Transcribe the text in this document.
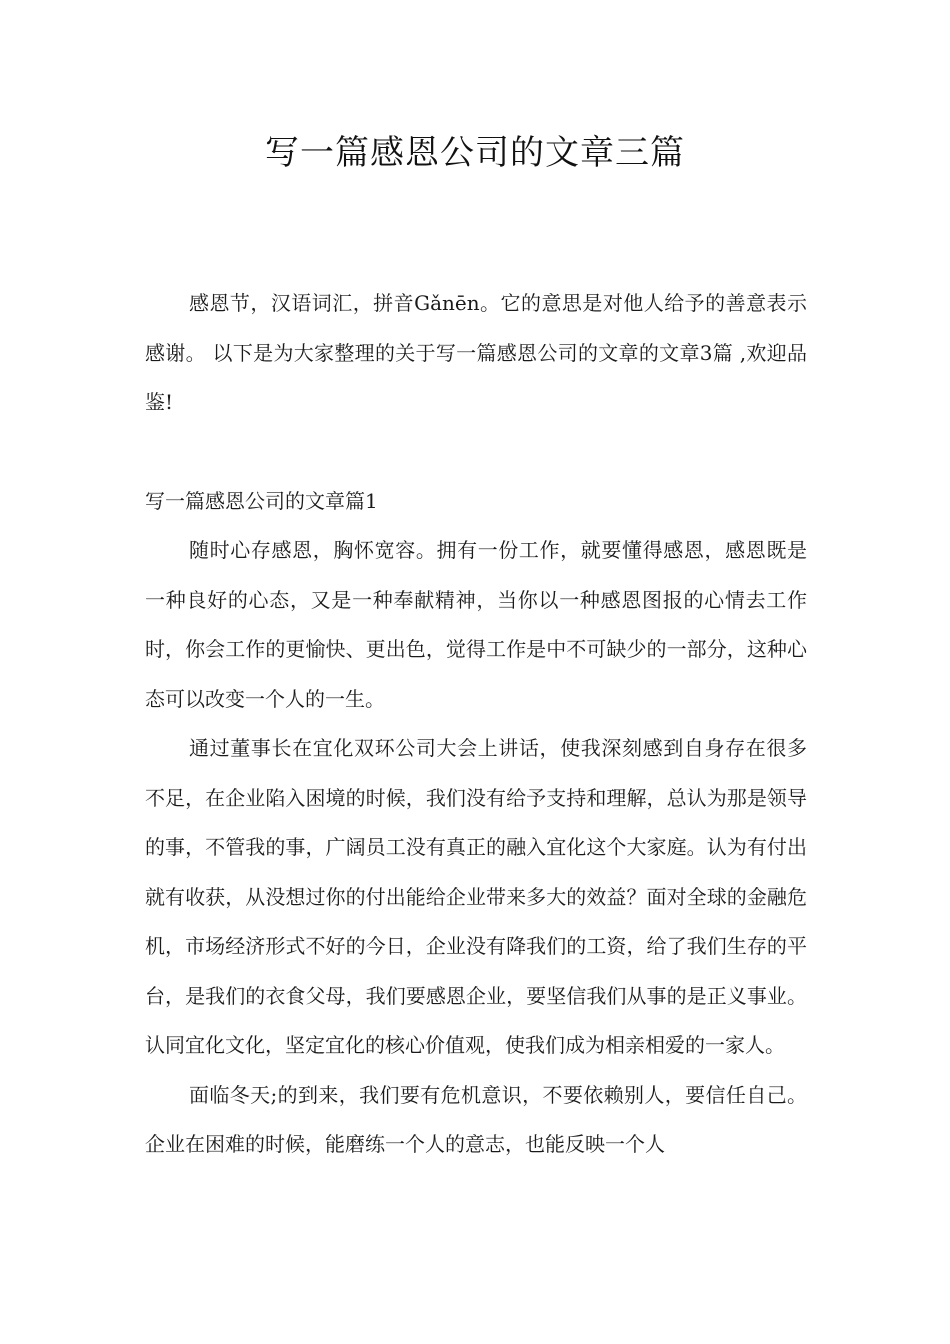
写一篇感恩公司的文章三篇

感恩节，汉语词汇，拼音Gǎnēn。它的意思是对他人给予的善意表示感谢。 以下是为大家整理的关于写一篇感恩公司的文章的文章3篇 ,欢迎品鉴!

写一篇感恩公司的文章篇1

随时心存感恩，胸怀宽容。拥有一份工作，就要懂得感恩，感恩既是一种良好的心态，又是一种奉献精神，当你以一种感恩图报的心情去工作时，你会工作的更愉快、更出色，觉得工作是中不可缺少的一部分，这种心态可以改变一个人的一生。

通过董事长在宜化双环公司大会上讲话，使我深刻感到自身存在很多不足，在企业陷入困境的时候，我们没有给予支持和理解，总认为那是领导的事，不管我的事，广阔员工没有真正的融入宜化这个大家庭。认为有付出就有收获，从没想过你的付出能给企业带来多大的效益？面对全球的金融危机，市场经济形式不好的今日，企业没有降我们的工资，给了我们生存的平台，是我们的衣食父母，我们要感恩企业，要坚信我们从事的是正义事业。认同宜化文化，坚定宜化的核心价值观，使我们成为相亲相爱的一家人。

面临冬天;的到来，我们要有危机意识，不要依赖别人，要信任自己。企业在困难的时候，能磨练一个人的意志，也能反映一个人
